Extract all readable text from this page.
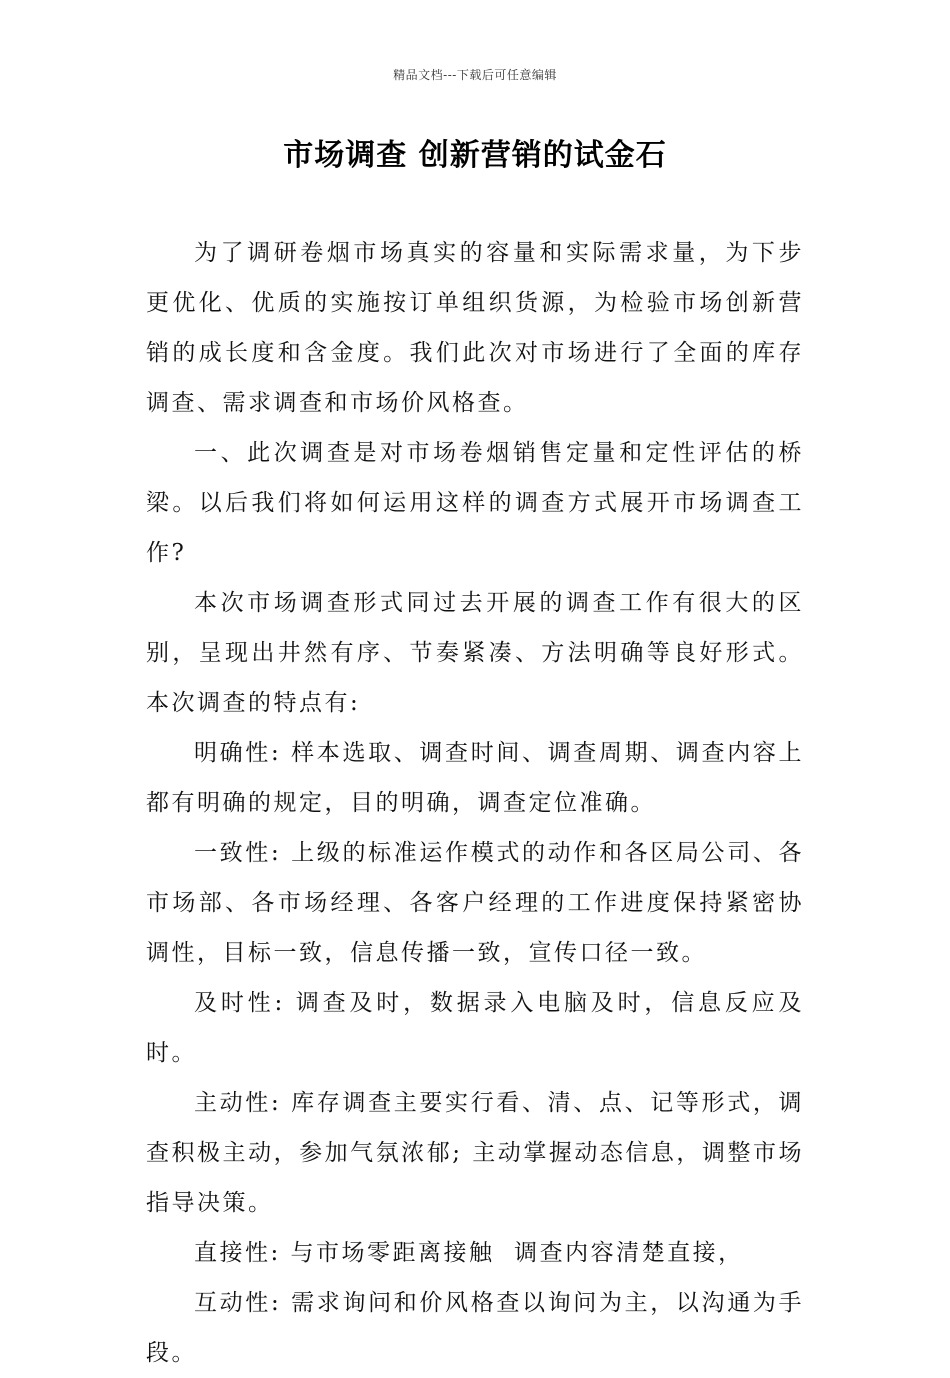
精品文档---下载后可任意编辑
市场调查 创新营销的试金石

为了调研卷烟市场真实的容量和实际需求量，为下步更优化、优质的实施按订单组织货源，为检验市场创新营销的成长度和含金度。我们此次对市场进行了全面的库存调查、需求调查和市场价风格查。

一、此次调查是对市场卷烟销售定量和定性评估的桥梁。以后我们将如何运用这样的调查方式展开市场调查工作?

本次市场调查形式同过去开展的调查工作有很大的区别，呈现出井然有序、节奏紧凑、方法明确等良好形式。本次调查的特点有:

明确性: 样本选取、调查时间、调查周期、调查内容上都有明确的规定，目的明确，调查定位准确。

一致性: 上级的标准运作模式的动作和各区局公司、各市场部、各市场经理、各客户经理的工作进度保持紧密协调性，目标一致，信息传播一致，宣传口径一致。

及时性: 调查及时，数据录入电脑及时，信息反应及时。

主动性: 库存调查主要实行看、清、点、记等形式，调查积极主动，参加气氛浓郁; 主动掌握动态信息，调整市场指导决策。

直接性: 与市场零距离接触  调查内容清楚直接，

互动性: 需求询问和价风格查以询问为主，以沟通为手段。
